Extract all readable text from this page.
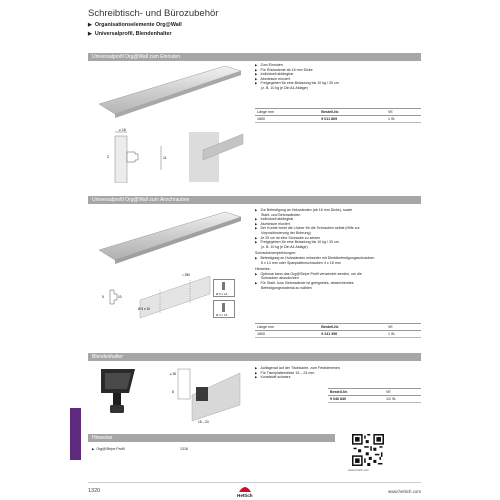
Schreibtisch- und Bürozubehör
▶ Organisationselemente Org@Wall
▶ Universalprofil, Blendenhalter
Universalprofil Org@Wall zum Einnuten
▶ Zum Einnuten
▶ Für Rückwände ab 16 mm Dicke
▶ Individuell ablängbar
▶ Aluminium eloxiert
▶ Freigegeben für eine Belastung bis 10 kg / 30 cm
(z. B. 10 kg je Din A4 Ablage)
Länge mm	Bestell-Nr.	VE
1800	9 011 869	1 St.
≥ 16
2	11
Universalprofil Org@Wall zum Anschrauben
▶ Zur Befestigung an Holzwänden (ab 16 mm Dicke), sowie
Stahl- und Betonwänden
▶ Individuell ablängbar
▶ Aluminium eloxiert
▶ Der Kunde bohrt die Löcher für die Schrauben selbst (Hilfe zur
Vorpositionierung der Bohrung)
▶ Je 25 cm ist eine Schraube zu setzen
▶ Freigegeben für eine Belastung bis 10 kg / 30 cm
(z. B. 10 kg je Din A4 Ablage)
Schraubenempfehlungen:
▶ Befestigung an Holzwänden entweder mit Direktbefestigungsschrauben
6 x 14 mm oder Spanplattenschrauben 4 x 16 mm
Hinweise:
▶ Optional kann das Org@Stripe Profil verwendet werden, um die
Schrauben abzudecken
▶ Für Stahl- bzw. Betonwände ist geeignetes, abweichendes
Befestigungsmaterial zu wählen
Länge mm	Bestell-Nr.	VE
1800	9 241 396	1 St.
5	10
≈ 250
Ø 5 x 10
Ø 6 x 14
Ø 4 x 16
Blendenhalter
≥ 30
8
15 – 24
▶ Auflagerad auf der Tischkante, zum Feststemmen
▶ Für Tischplattendicke 15 – 24 mm
▶ Kunststoff schwarz
Bestell-Nr.	VE
9 046 840	1/2 St.
Hinweise
▶ Org@Stripe Profil	1316
www.hettich.com
1320
Hettich
www.hettich.com
